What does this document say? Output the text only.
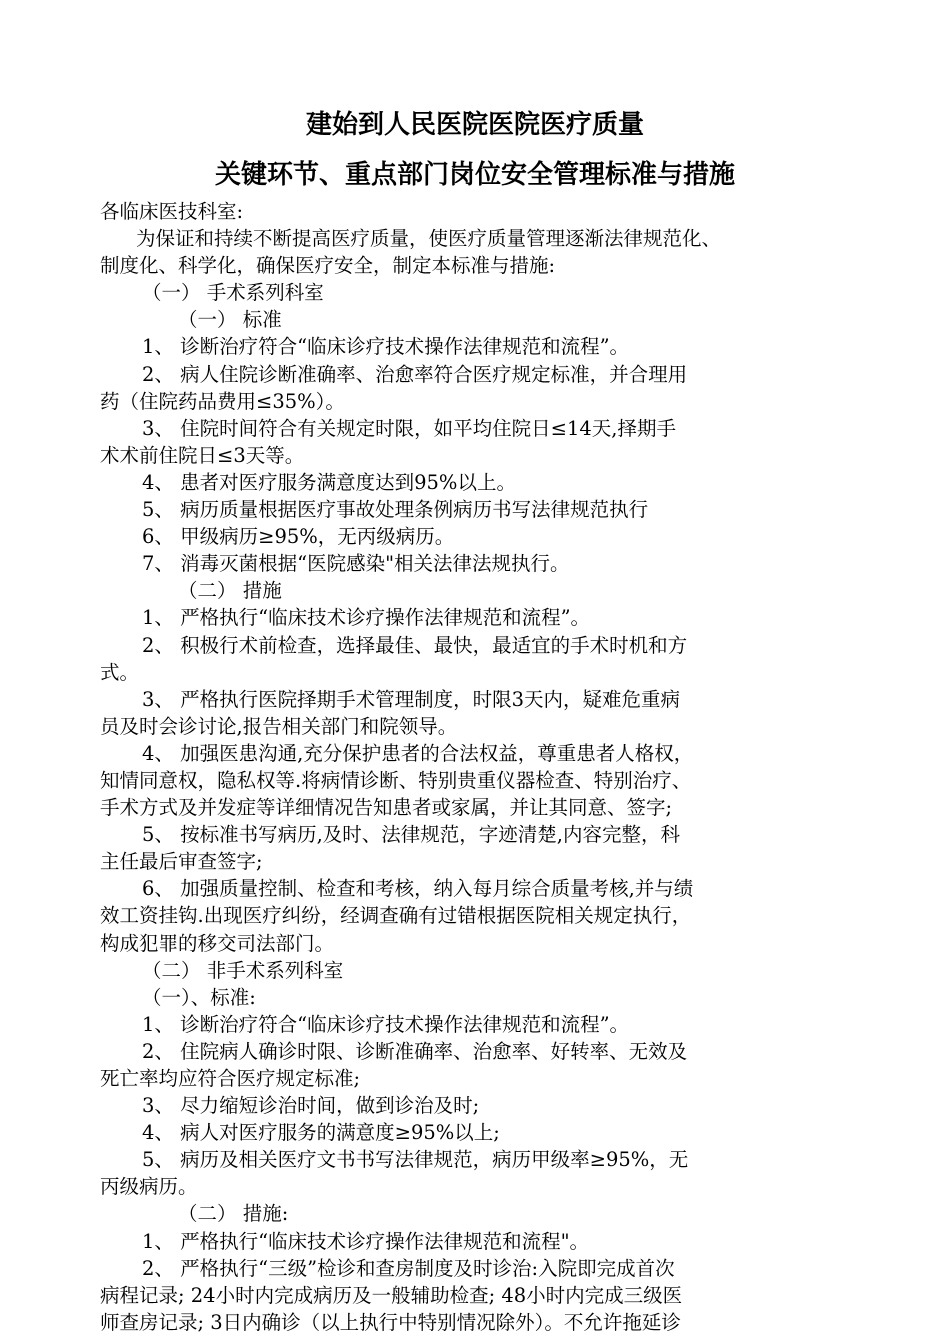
建始到人民医院医院医疗质量
关键环节、重点部门岗位安全管理标准与措施
各临床医技科室:
为保证和持续不断提高医疗质量，使医疗质量管理逐渐法律规范化、
制度化、科学化，确保医疗安全，制定本标准与措施:
（一） 手术系列科室
（一） 标准
1、 诊断治疗符合“临床诊疗技术操作法律规范和流程”。
2、 病人住院诊断准确率、治愈率符合医疗规定标准，并合理用
药（住院药品费用≤35%）。
3、 住院时间符合有关规定时限，如平均住院日≤14天,择期手
术术前住院日≤3天等。
4、 患者对医疗服务满意度达到95%以上。
5、 病历质量根据医疗事故处理条例病历书写法律规范执行
6、 甲级病历≥95%，无丙级病历。
7、 消毒灭菌根据“医院感染"相关法律法规执行。
（二） 措施
1、 严格执行“临床技术诊疗操作法律规范和流程”。
2、 积极行术前检查，选择最佳、最快，最适宜的手术时机和方
式。
3、 严格执行医院择期手术管理制度，时限3天内，疑难危重病
员及时会诊讨论,报告相关部门和院领导。
4、 加强医患沟通,充分保护患者的合法权益，尊重患者人格权，
知情同意权，隐私权等.将病情诊断、特别贵重仪器检查、特别治疗、
手术方式及并发症等详细情况告知患者或家属，并让其同意、签字;
5、 按标准书写病历,及时、法律规范，字迹清楚,内容完整，科
主任最后审查签字;
6、 加强质量控制、检查和考核，纳入每月综合质量考核,并与绩
效工资挂钩.出现医疗纠纷，经调查确有过错根据医院相关规定执行，
构成犯罪的移交司法部门。
（二） 非手术系列科室
（一）、标准:
1、 诊断治疗符合“临床诊疗技术操作法律规范和流程”。
2、 住院病人确诊时限、诊断准确率、治愈率、好转率、无效及
死亡率均应符合医疗规定标准;
3、 尽力缩短诊治时间，做到诊治及时;
4、 病人对医疗服务的满意度≥95%以上;
5、 病历及相关医疗文书书写法律规范，病历甲级率≥95%，无
丙级病历。
（二） 措施:
1、 严格执行“临床技术诊疗操作法律规范和流程"。
2、 严格执行“三级”检诊和查房制度及时诊治:入院即完成首次
病程记录; 24小时内完成病历及一般辅助检查; 48小时内完成三级医
师查房记录; 3日内确诊（以上执行中特别情况除外）。不允许拖延诊
